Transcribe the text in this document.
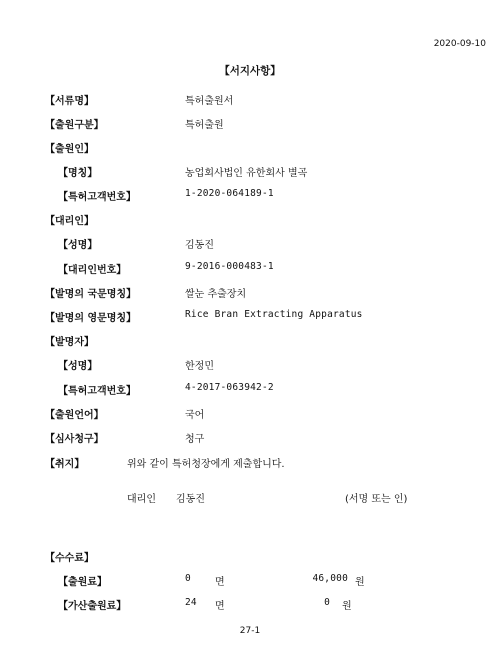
2020-09-10
【서지사항】
【서류명】	특허출원서
【출원구분】	특허출원
【출원인】
【명칭】	농업회사법인 유한회사 별곡
【특허고객번호】	1-2020-064189-1
【대리인】
【성명】	김동진
【대리인번호】	9-2016-000483-1
【발명의 국문명칭】	쌀눈 추출장치
【발명의 영문명칭】	Rice Bran Extracting Apparatus
【발명자】
【성명】	한정민
【특허고객번호】	4-2017-063942-2
【출원언어】	국어
【심사청구】	청구
【취지】	위와 같이 특허청장에게 제출합니다.
대리인 김동진	(서명 또는 인)
【수수료】
【출원료】	0 면	46,000 원
【가산출원료】	24 면	0 원
27-1
